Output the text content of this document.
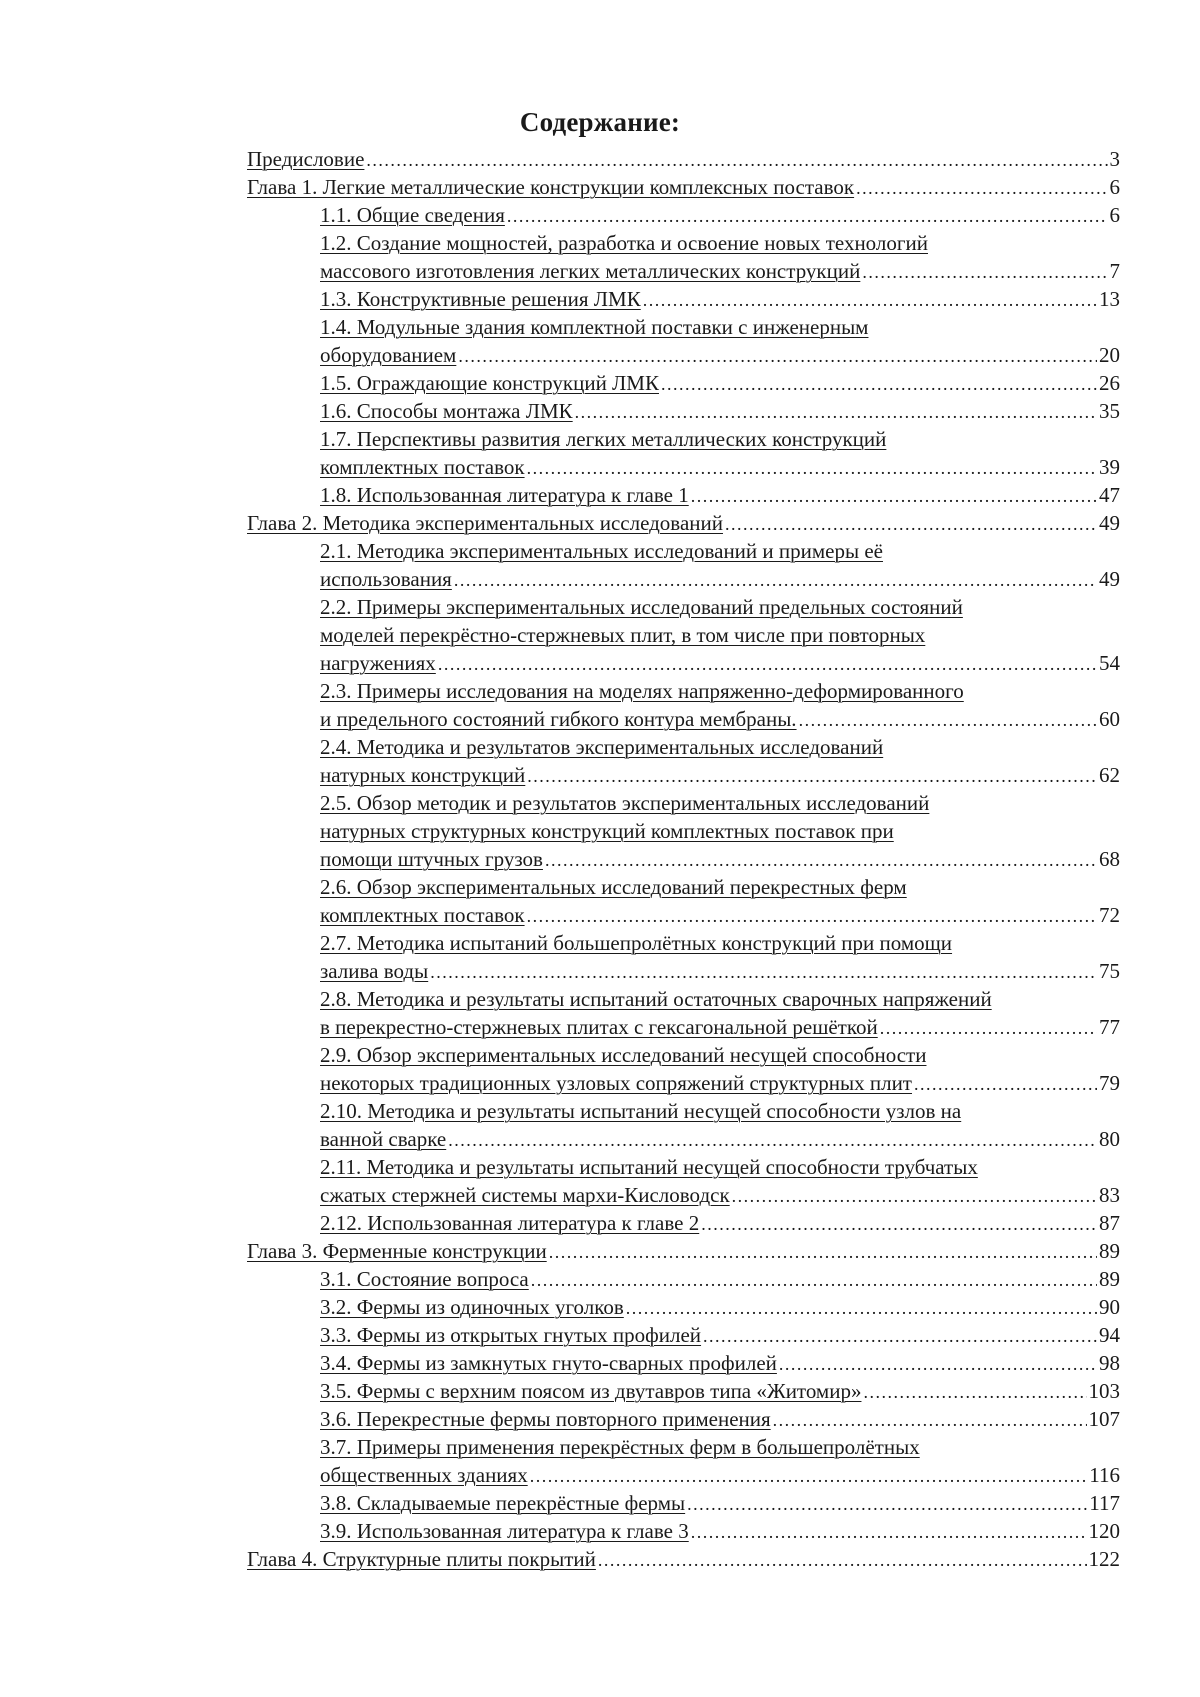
Содержание:
Предисловие . . .	3
Глава 1. Легкие металлические конструкции комплексных поставок . . .	6
1.1. Общие сведения . . .	6
1.2. Создание мощностей, разработка и освоение новых технологий
массового изготовления легких металлических конструкций . . .	7
1.3. Конструктивные решения ЛМК . . .	13
1.4. Модульные здания комплектной поставки с инженерным
оборудованием . . .	20
1.5. Ограждающие конструкций ЛМК . . .	26
1.6. Способы монтажа ЛМК . . .	35
1.7. Перспективы развития легких металлических конструкций
комплектных поставок . . .	39
1.8. Использованная литература к главе 1 . . .	47
Глава 2. Методика экспериментальных исследований . . .	49
2.1. Методика экспериментальных исследований и примеры её
использования . . .	49
2.2. Примеры экспериментальных исследований предельных состояний
моделей перекрёстно-стержневых плит, в том числе при повторных
нагружениях . . .	54
2.3. Примеры исследования на моделях напряженно-деформированного
и предельного состояний гибкого контура мембраны. . . .	60
2.4. Методика и результатов экспериментальных исследований
натурных конструкций . . .	62
2.5. Обзор методик и результатов экспериментальных исследований
натурных структурных конструкций комплектных поставок при
помощи штучных грузов . . .	68
2.6. Обзор экспериментальных исследований перекрестных ферм
комплектных поставок . . .	72
2.7. Методика испытаний большепролётных конструкций при помощи
залива воды . . .	75
2.8. Методика и результаты испытаний остаточных сварочных напряжений
в перекрестно-стержневых плитах с гексагональной решёткой . . .	77
2.9. Обзор экспериментальных исследований несущей способности
некоторых традиционных узловых сопряжений структурных плит . . .	79
2.10. Методика и результаты испытаний несущей способности узлов на
ванной сварке . . .	80
2.11. Методика и результаты испытаний несущей способности трубчатых
сжатых стержней системы мархи-Кисловодск . . .	83
2.12. Использованная литература к главе 2 . . .	87
Глава 3. Ферменные конструкции . . .	89
3.1. Состояние вопроса . . .	89
3.2. Фермы из одиночных уголков . . .	90
3.3. Фермы из открытых гнутых профилей . . .	94
3.4. Фермы из замкнутых гнуто-сварных профилей . . .	98
3.5. Фермы с верхним поясом из двутавров типа «Житомир» . . .	103
3.6. Перекрестные фермы повторного применения . . .	107
3.7. Примеры применения перекрёстных ферм в большепролётных
общественных зданиях . . .	116
3.8. Складываемые перекрёстные фермы . . .	117
3.9. Использованная литература к главе 3 . . .	120
Глава 4. Структурные плиты покрытий . . .	122
